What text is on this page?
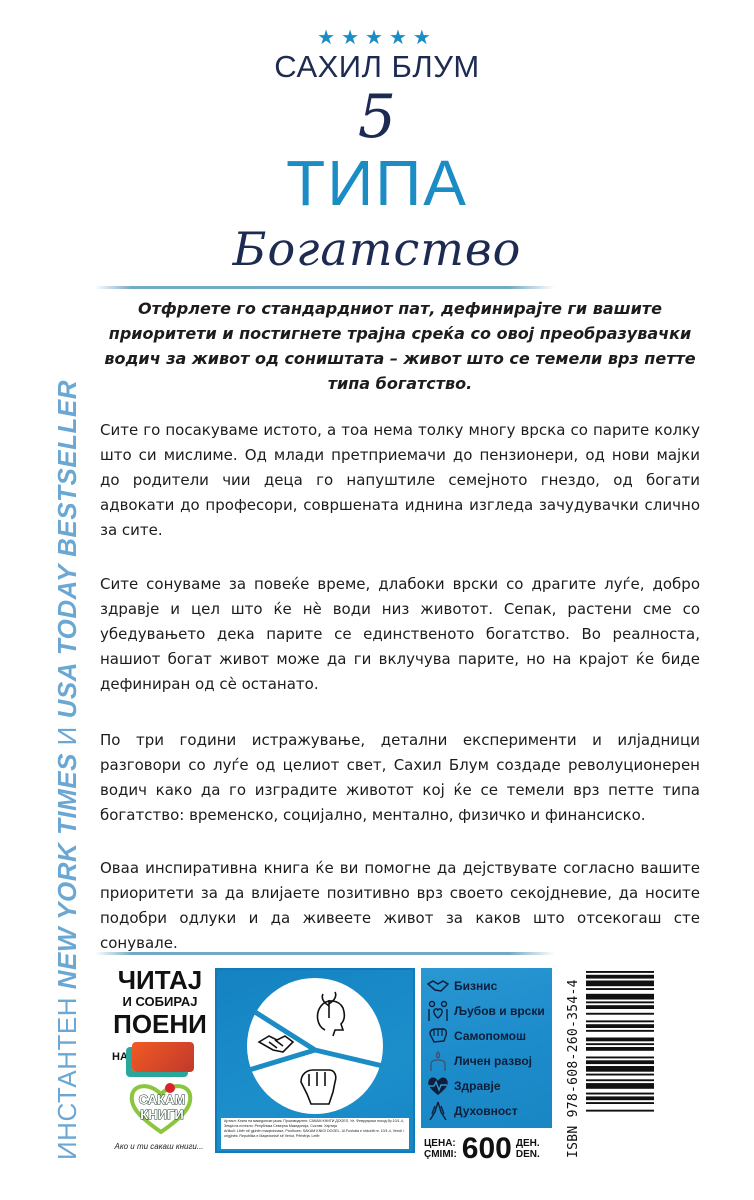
★★★★★
САХИЛ БЛУМ
5
ТИПА
Богатство
ИНСТАНТЕН NEW YORK TIMES И USA TODAY BESTSELLER
Отфрлете го стандардниот пат, дефинирајте ги вашите приоритети и постигнете трајна среќа со овој преобразувачки водич за живот од соништата – живот што се темели врз петте типа богатство.
Сите го посакуваме истото, а тоа нема толку многу врска со парите колку што си мислиме. Од млади претприемачи до пензионери, од нови мајки до родители чии деца го напуштиле семејното гнездо, од богати адвокати до професори, совршената иднина изгледа зачудувачки слично за сите.
Сите сонуваме за повеќе време, длабоки врски со драгите луѓе, добро здравје и цел што ќе нè води низ животот. Сепак, растени сме со убедувањето дека парите се единственото богатство. Во реалноста, нашиот богат живот може да ги вклучува парите, но на крајот ќе биде дефиниран од сè останато.
По три години истражување, детални експерименти и илјадници разговори со луѓе од целиот свет, Сахил Блум создаде револуционерен водич како да го изградите животот кој ќе се темели врз петте типа богатство: временско, социјално, ментално, физичко и финансиско.
Оваа инспиративна книга ќе ви помогне да дејствувате согласно вашите приоритети за да влијаете позитивно врз своето секојдневие, да носите подобри одлуки и да живеете живот за каков што отсекогаш сте сонувале.
ЧИТАЈ
И СОБИРАЈ
ПОЕНИ
НА
САКАМ КНИГИ
Ако и ти сакаш книги...

Артикл: Книга на македонски јазик, Производител: САКАМ КНИГИ ДООЕЛ, Ул. Февруарски поход бр.10/1-4, Земја на потекло: Република Северна Македонија, Состав: Хартија

Artikull: Libër në gjuhën maqedonase, Prodhues: SAKAM KNIGI DOOEL, Ul.Fushata e shkurtit nr. 10/1-4, Vendi i origjinës: Republika e Maqedonisë së Veriut, Përbërja: Letër

Бизнис
Љубов и врски
Самопомош
Личен развој
Здравје
Духовност
ЦЕНА:
ÇMIMI: 600 ДЕН.
DEN. ISBN 978-608-260-354-4
